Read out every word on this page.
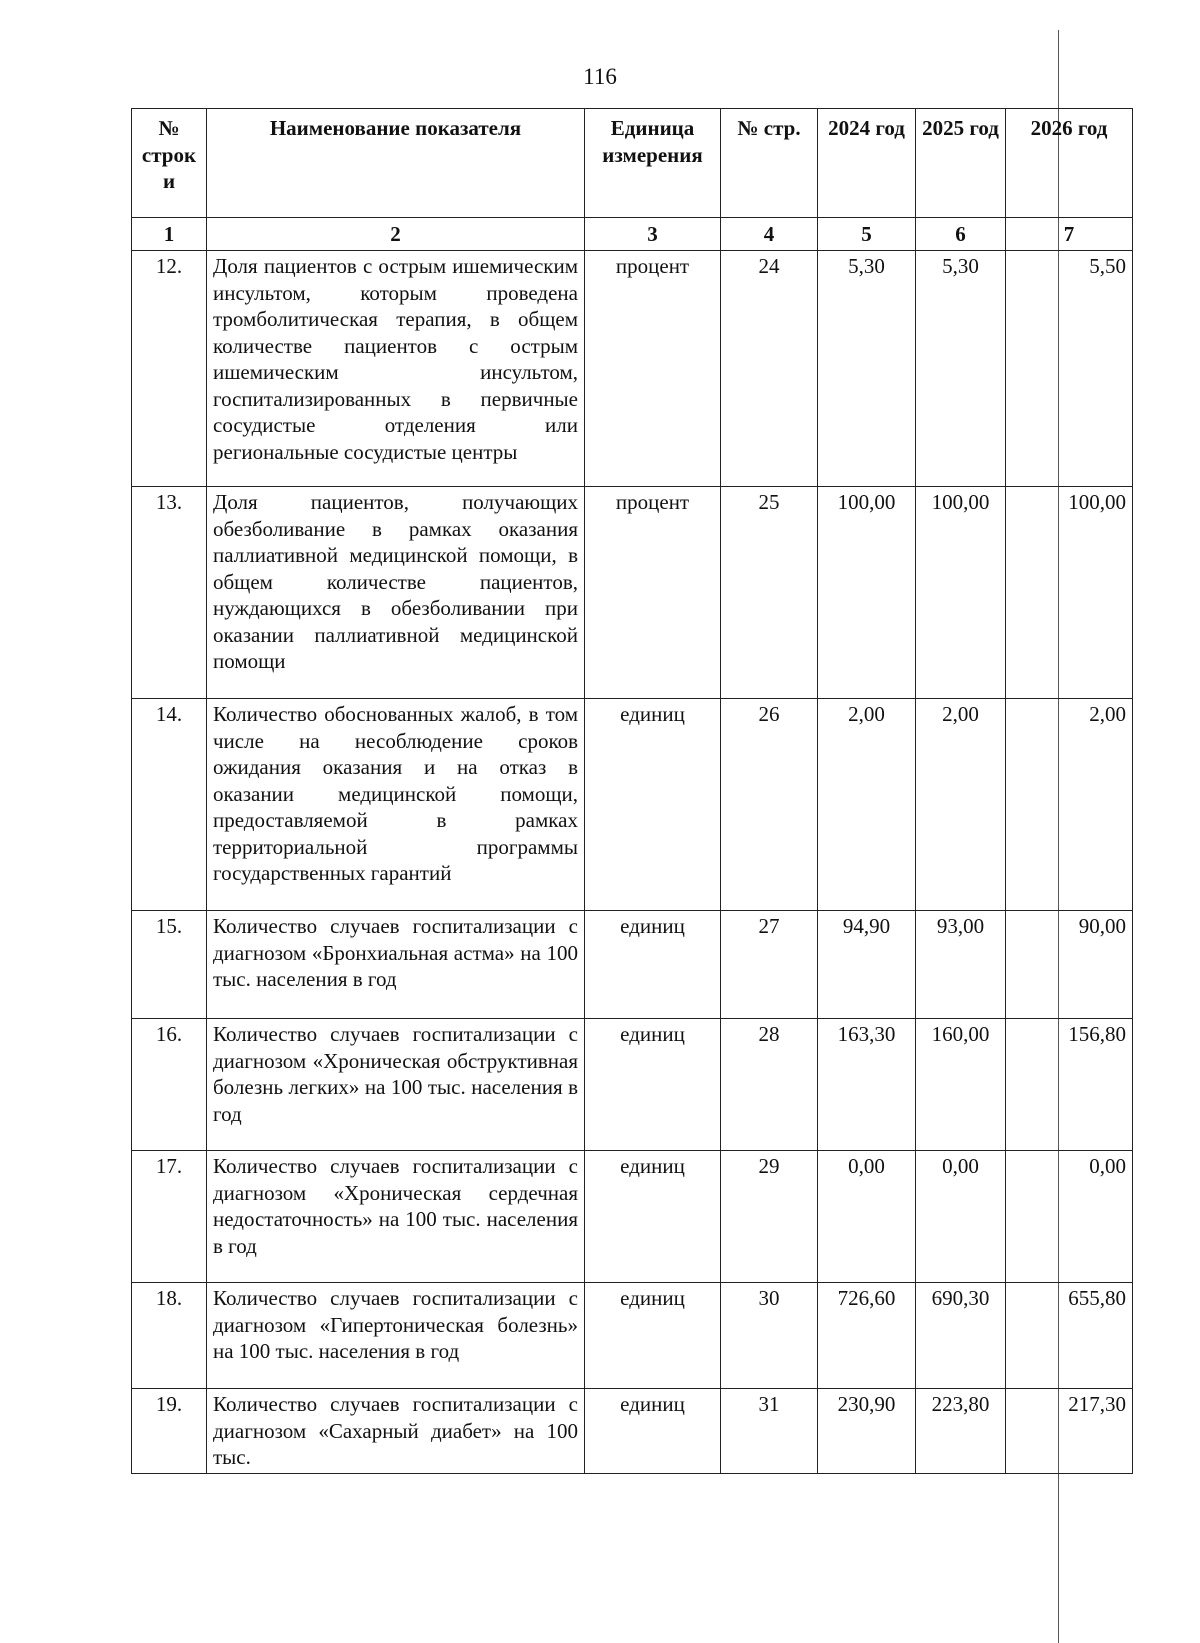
116
№ строк и	Наименование показателя	Единица измерения	№ стр.	2024 год	2025 год	2026 год
1	2	3	4	5	6	7
12.	Доля пациентов с острым ишемическим инсультом, которым проведена тромболитическая терапия, в общем количестве пациентов с острым ишемическим инсультом, госпитализированных в первичные сосудистые отделения или региональные сосудистые центры	процент	24	5,30	5,30	5,50
13.	Доля пациентов, получающих обезболивание в рамках оказания паллиативной медицинской помощи, в общем количестве пациентов, нуждающихся в обезболивании при оказании паллиативной медицинской помощи	процент	25	100,00	100,00	100,00
14.	Количество обоснованных жалоб, в том числе на несоблюдение сроков ожидания оказания и на отказ в оказании медицинской помощи, предоставляемой в рамках территориальной программы государственных гарантий	единиц	26	2,00	2,00	2,00
15.	Количество случаев госпитализации с диагнозом «Бронхиальная астма» на 100 тыс. населения в год	единиц	27	94,90	93,00	90,00
16.	Количество случаев госпитализации с диагнозом «Хроническая обструктивная болезнь легких» на 100 тыс. населения в год	единиц	28	163,30	160,00	156,80
17.	Количество случаев госпитализации с диагнозом «Хроническая сердечная недостаточность» на 100 тыс. населения в год	единиц	29	0,00	0,00	0,00
18.	Количество случаев госпитализации с диагнозом «Гипертоническая болезнь» на 100 тыс. населения в год	единиц	30	726,60	690,30	655,80
19.	Количество случаев госпитализации с диагнозом «Сахарный диабет» на 100 тыс.	единиц	31	230,90	223,80	217,30
